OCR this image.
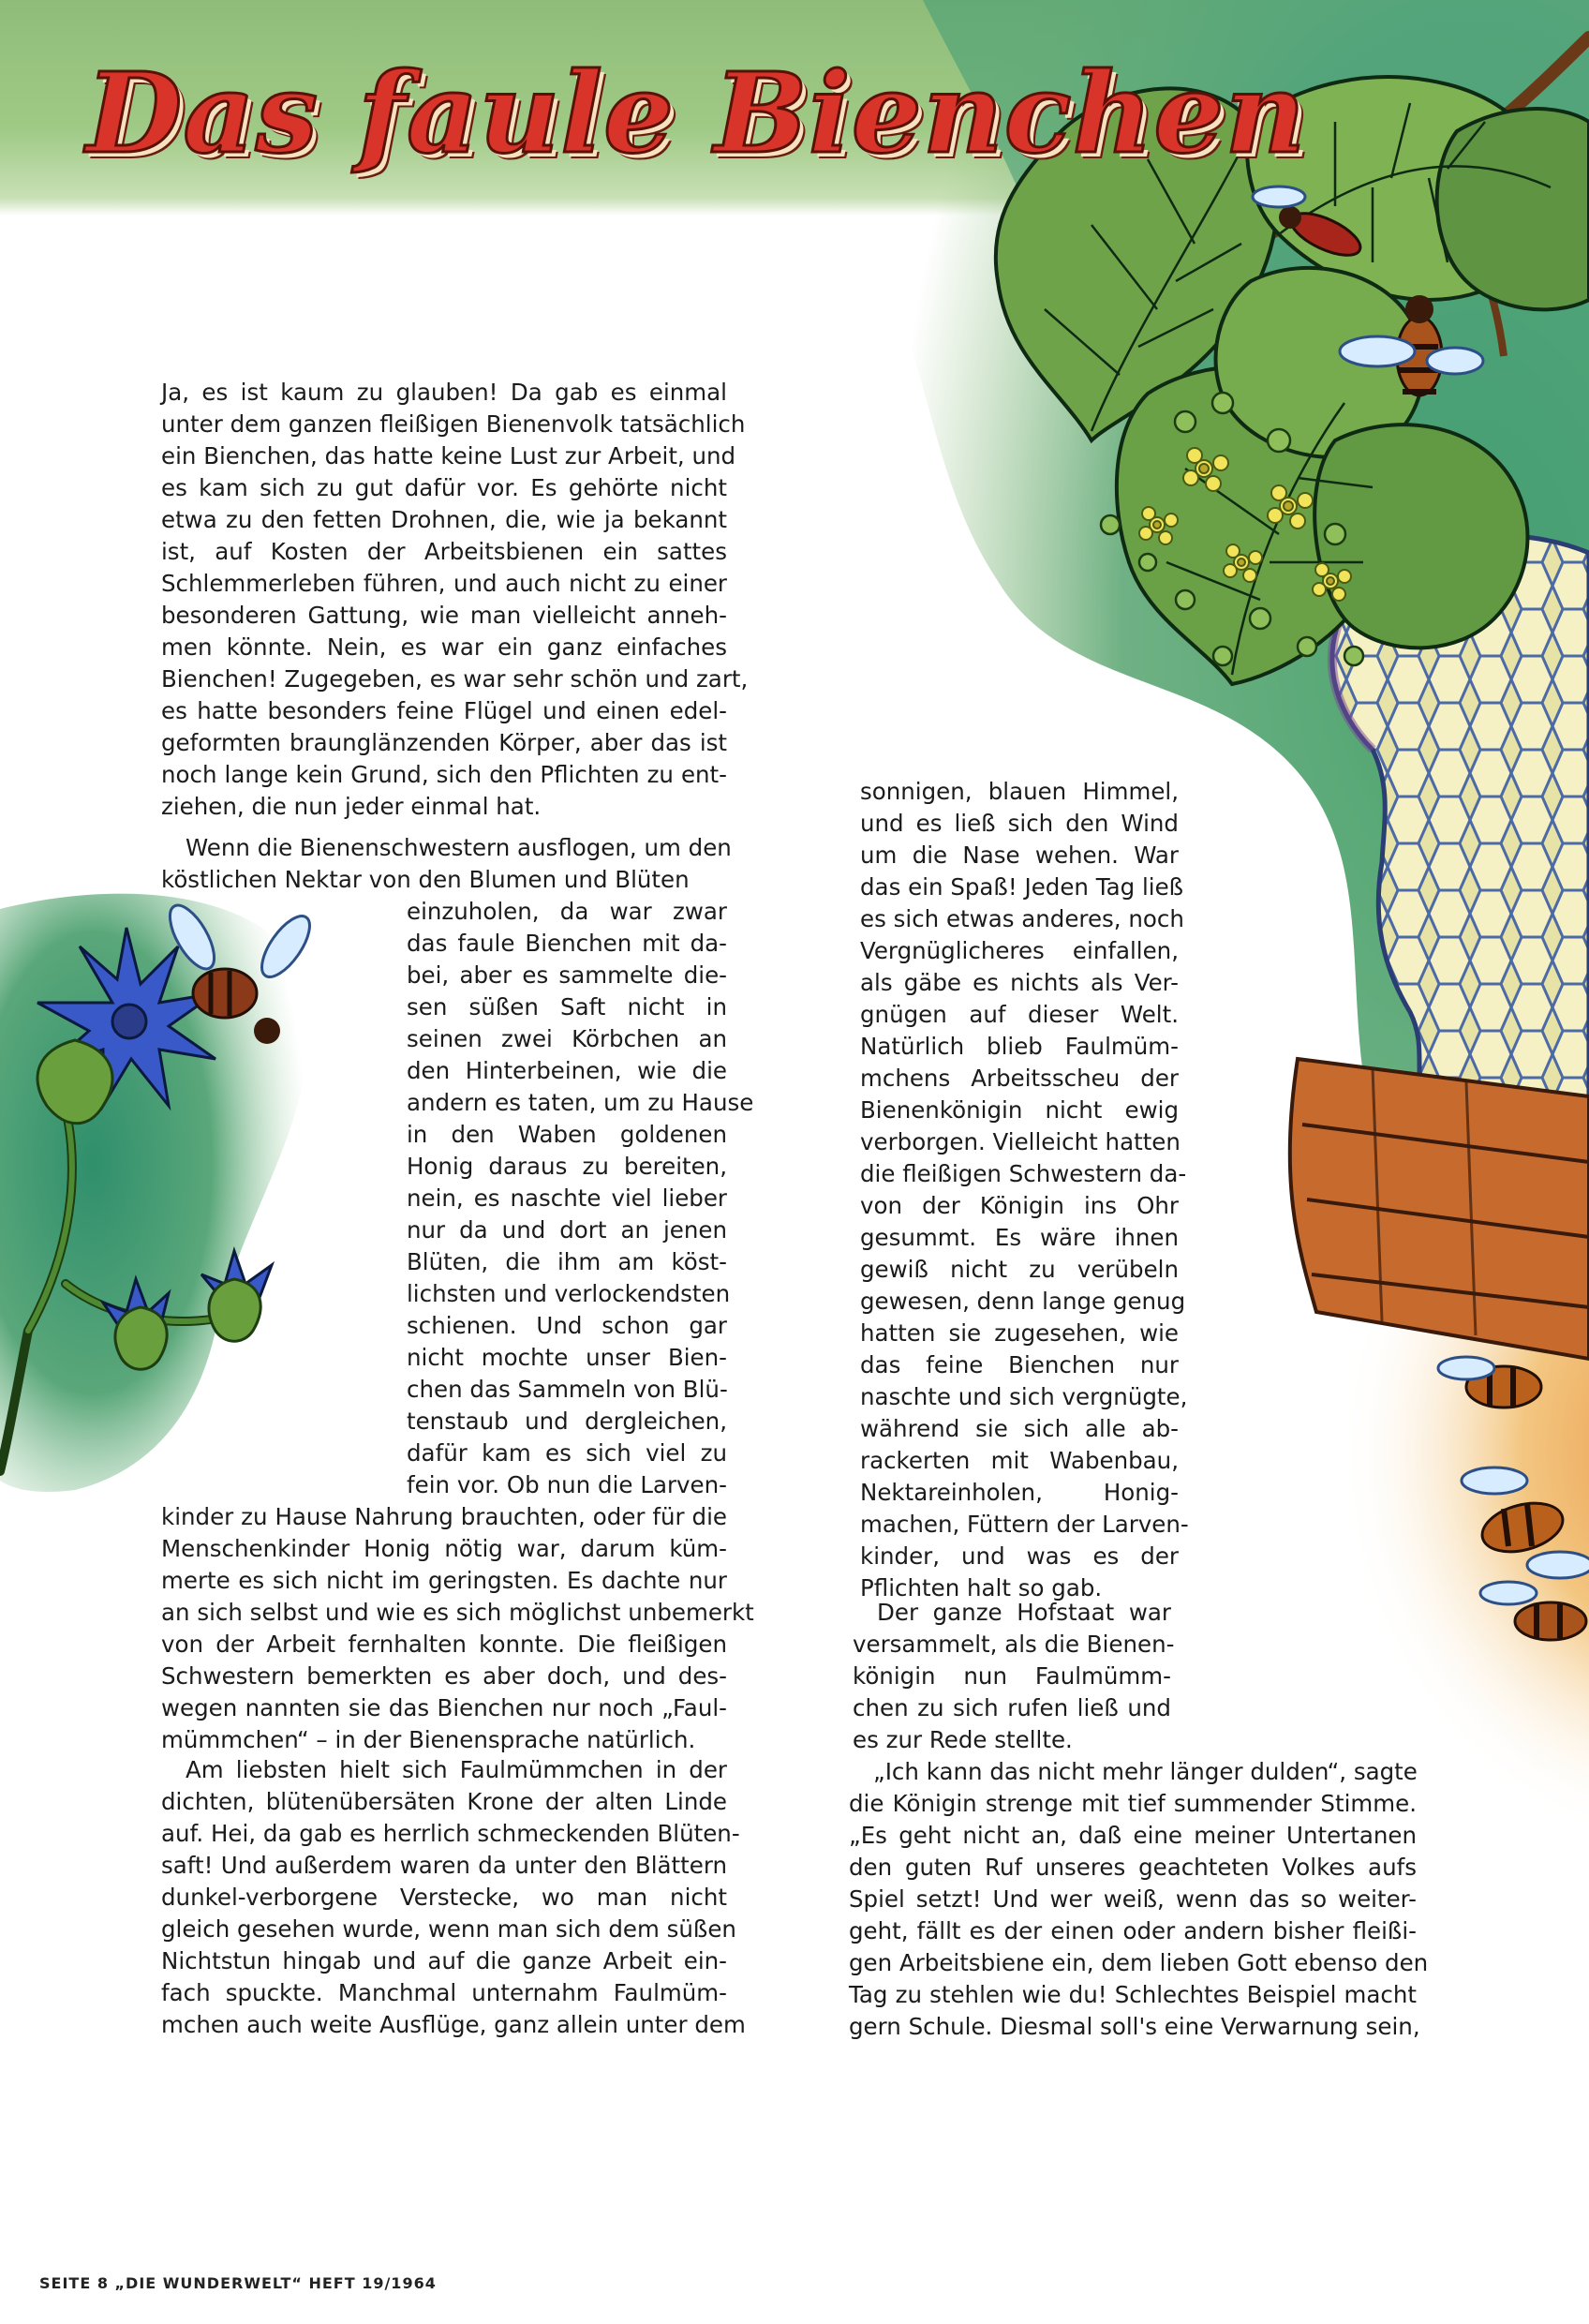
Das faule Bienchen
Ja, es ist kaum zu glauben! Da gab es einmal
unter dem ganzen fleißigen Bienenvolk tatsächlich
ein Bienchen, das hatte keine Lust zur Arbeit, und
es kam sich zu gut dafür vor. Es gehörte nicht
etwa zu den fetten Drohnen, die, wie ja bekannt
ist, auf Kosten der Arbeitsbienen ein sattes
Schlemmerleben führen, und auch nicht zu einer
besonderen Gattung, wie man vielleicht anneh-
men könnte. Nein, es war ein ganz einfaches
Bienchen! Zugegeben, es war sehr schön und zart,
es hatte besonders feine Flügel und einen edel-
geformten braunglänzenden Körper, aber das ist
noch lange kein Grund, sich den Pflichten zu ent-
ziehen, die nun jeder einmal hat.
Wenn die Bienenschwestern ausflogen, um den
köstlichen Nektar von den Blumen und Blüten
einzuholen, da war zwar
das faule Bienchen mit da-
bei, aber es sammelte die-
sen süßen Saft nicht in
seinen zwei Körbchen an
den Hinterbeinen, wie die
andern es taten, um zu Hause
in den Waben goldenen
Honig daraus zu bereiten,
nein, es naschte viel lieber
nur da und dort an jenen
Blüten, die ihm am köst-
lichsten und verlockendsten
schienen. Und schon gar
nicht mochte unser Bien-
chen das Sammeln von Blü-
tenstaub und dergleichen,
dafür kam es sich viel zu
fein vor. Ob nun die Larven-
kinder zu Hause Nahrung brauchten, oder für die
Menschenkinder Honig nötig war, darum küm-
merte es sich nicht im geringsten. Es dachte nur
an sich selbst und wie es sich möglichst unbemerkt
von der Arbeit fernhalten konnte. Die fleißigen
Schwestern bemerkten es aber doch, und des-
wegen nannten sie das Bienchen nur noch „Faul-
mümmchen“ – in der Bienensprache natürlich.
Am liebsten hielt sich Faulmümmchen in der
dichten, blütenübersäten Krone der alten Linde
auf. Hei, da gab es herrlich schmeckenden Blüten-
saft! Und außerdem waren da unter den Blättern
dunkel-verborgene Verstecke, wo man nicht
gleich gesehen wurde, wenn man sich dem süßen
Nichtstun hingab und auf die ganze Arbeit ein-
fach spuckte. Manchmal unternahm Faulmüm-
mchen auch weite Ausflüge, ganz allein unter dem
sonnigen, blauen Himmel,
und es ließ sich den Wind
um die Nase wehen. War
das ein Spaß! Jeden Tag ließ
es sich etwas anderes, noch
Vergnüglicheres einfallen,
als gäbe es nichts als Ver-
gnügen auf dieser Welt.
Natürlich blieb Faulmüm-
mchens Arbeitsscheu der
Bienenkönigin nicht ewig
verborgen. Vielleicht hatten
die fleißigen Schwestern da-
von der Königin ins Ohr
gesummt. Es wäre ihnen
gewiß nicht zu verübeln
gewesen, denn lange genug
hatten sie zugesehen, wie
das feine Bienchen nur
naschte und sich vergnügte,
während sie sich alle ab-
rackerten mit Wabenbau,
Nektareinholen, Honig-
machen, Füttern der Larven-
kinder, und was es der
Pflichten halt so gab.
Der ganze Hofstaat war
versammelt, als die Bienen-
königin nun Faulmümm-
chen zu sich rufen ließ und
es zur Rede stellte.
„Ich kann das nicht mehr länger dulden“, sagte
die Königin strenge mit tief summender Stimme.
„Es geht nicht an, daß eine meiner Untertanen
den guten Ruf unseres geachteten Volkes aufs
Spiel setzt! Und wer weiß, wenn das so weiter-
geht, fällt es der einen oder andern bisher fleißi-
gen Arbeitsbiene ein, dem lieben Gott ebenso den
Tag zu stehlen wie du! Schlechtes Beispiel macht
gern Schule. Diesmal soll's eine Verwarnung sein,
SEITE 8 „DIE WUNDERWELT“ HEFT 19/1964
